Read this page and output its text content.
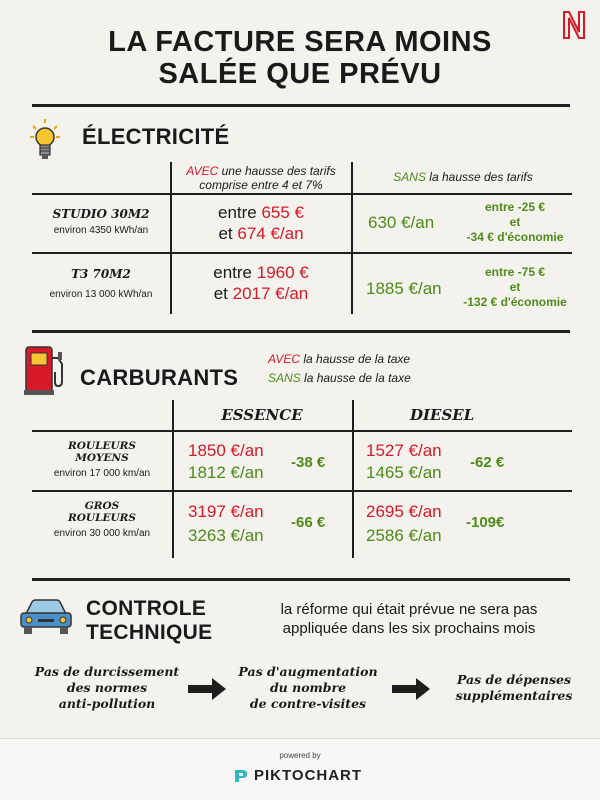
LA FACTURE SERA MOINS
SALÉE QUE PRÉVU
ÉLECTRICITÉ
AVEC une hausse des tarifs
comprise entre 4 et 7%
SANS la hausse des tarifs
STUDIO 30M2
environ 4350 kWh/an
entre 655 €
et 674 €/an
630 €/an
entre -25 €
et
-34 € d'économie
T3 70M2
environ 13 000 kWh/an
entre 1960 €
et 2017 €/an	1885 €/an
entre -75 €
et
-132 € d'économie
CARBURANTS
AVEC la hausse de la taxe
SANS la hausse de la taxe
ESSENCE	DIESEL
ROULEURS
MOYENS
environ 17 000 km/an
1850 €/an
1812 €/an
-38 €
1527 €/an
1465 €/an
-62 €
GROS
ROULEURS
environ 30 000 km/an
3197 €/an
3263 €/an
-66 €
2695 €/an
2586 €/an
-109€
CONTROLE
TECHNIQUE
la réforme qui était prévue ne sera pas
appliquée dans les six prochains mois
Pas de durcissement
des normes
anti-pollution
Pas d'augmentation
du nombre
de contre-visites
Pas de dépenses
supplémentaires
powered by
PIKTOCHART
